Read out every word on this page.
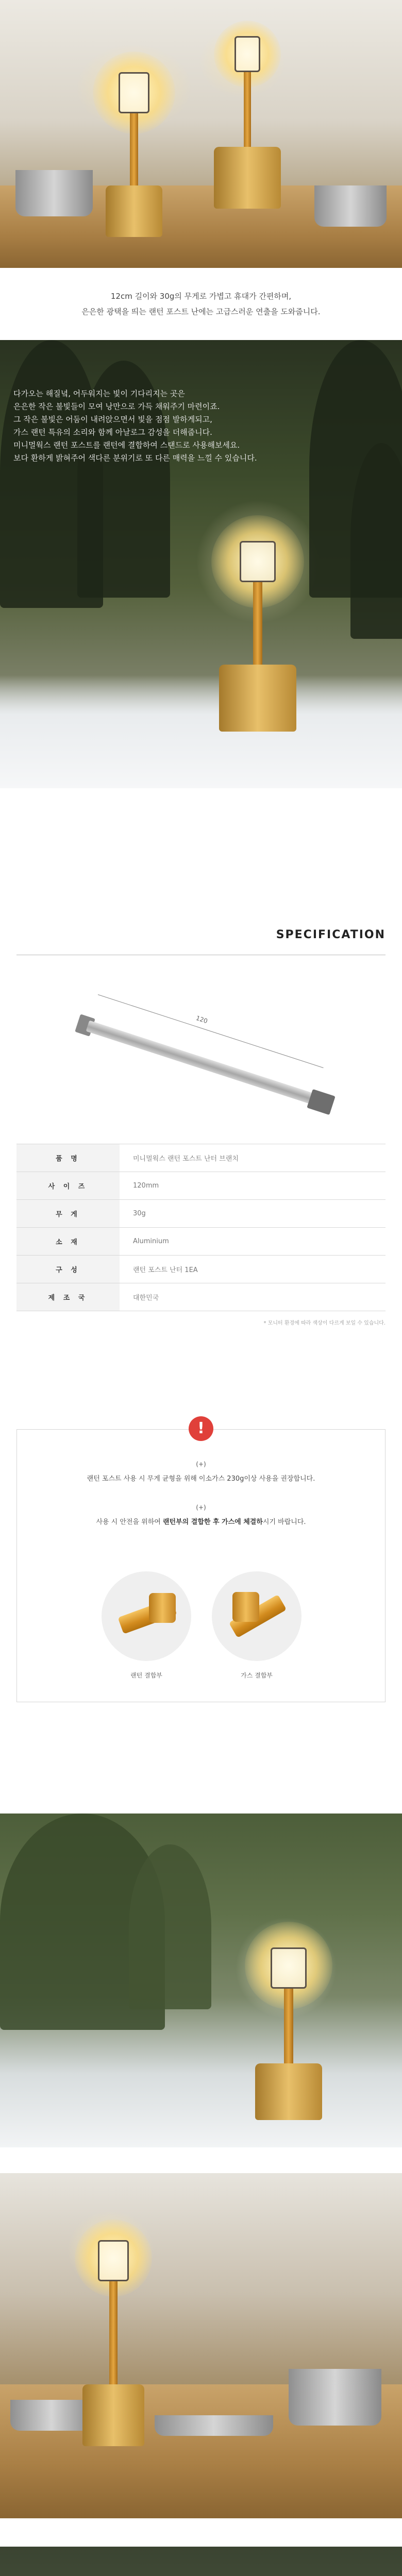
12cm 길이와 30g의 무게로 가볍고 휴대가 간편하며,

은은한 광택을 띄는 랜턴 포스트 난에는 고급스러운 연출을 도와줍니다.

다가오는 해질녘, 어두워지는 빛이 기다리지는 곳은

은은한 작은 불빛들이 모여 낭만으로 가득 채워주기 마련이죠.

그 작은 불빛은 어둠이 내려앉으면서 빛을 점점 발하게되고,

가스 랜턴 특유의 소리와 함께 아날로그 감성을 더해줍니다.

미니멀웍스 랜턴 포스트를 랜턴에 결합하여 스탠드로 사용해보세요.

보다 환하게 밝혀주어 색다른 분위기로 또 다른 매력을 느낄 수 있습니다.

SPECIFICATION
120
품 명	미니멀웍스 랜턴 포스트 난터 브랜치
사 이 즈	120mm
무 게	30g
소 재	Aluminium
구 성	랜턴 포스트 난터 1EA
제 조 국	대한민국
* 모니터 환경에 따라 색상이 다르게 보일 수 있습니다.
!
(+)
랜턴 포스트 사용 시 무게 균형을 위해 이소가스 230g이상 사용을 권장합니다.
(+)
사용 시 안전을 위하여 랜턴부의 결합한 후 가스에 체결하시기 바랍니다.
랜턴 결합부	가스 결합부
